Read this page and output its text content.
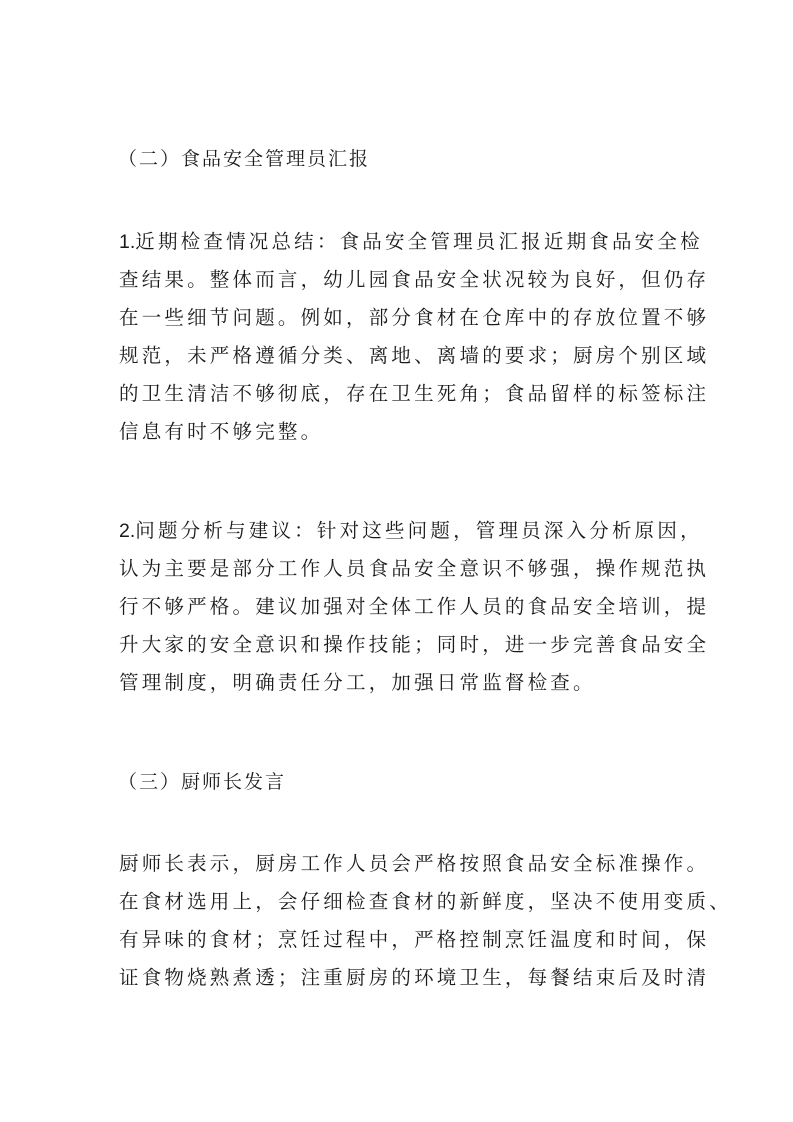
（二）食品安全管理员汇报
1.近期检查情况总结：食品安全管理员汇报近期食品安全检
查结果。整体而言，幼儿园食品安全状况较为良好，但仍存
在一些细节问题。例如，部分食材在仓库中的存放位置不够
规范，未严格遵循分类、离地、离墙的要求；厨房个别区域
的卫生清洁不够彻底，存在卫生死角；食品留样的标签标注
信息有时不够完整。
2.问题分析与建议：针对这些问题，管理员深入分析原因，
认为主要是部分工作人员食品安全意识不够强，操作规范执
行不够严格。建议加强对全体工作人员的食品安全培训，提
升大家的安全意识和操作技能；同时，进一步完善食品安全
管理制度，明确责任分工，加强日常监督检查。
（三）厨师长发言
厨师长表示，厨房工作人员会严格按照食品安全标准操作。
在食材选用上，会仔细检查食材的新鲜度，坚决不使用变质、
有异味的食材；烹饪过程中，严格控制烹饪温度和时间，保
证食物烧熟煮透；注重厨房的环境卫生，每餐结束后及时清
